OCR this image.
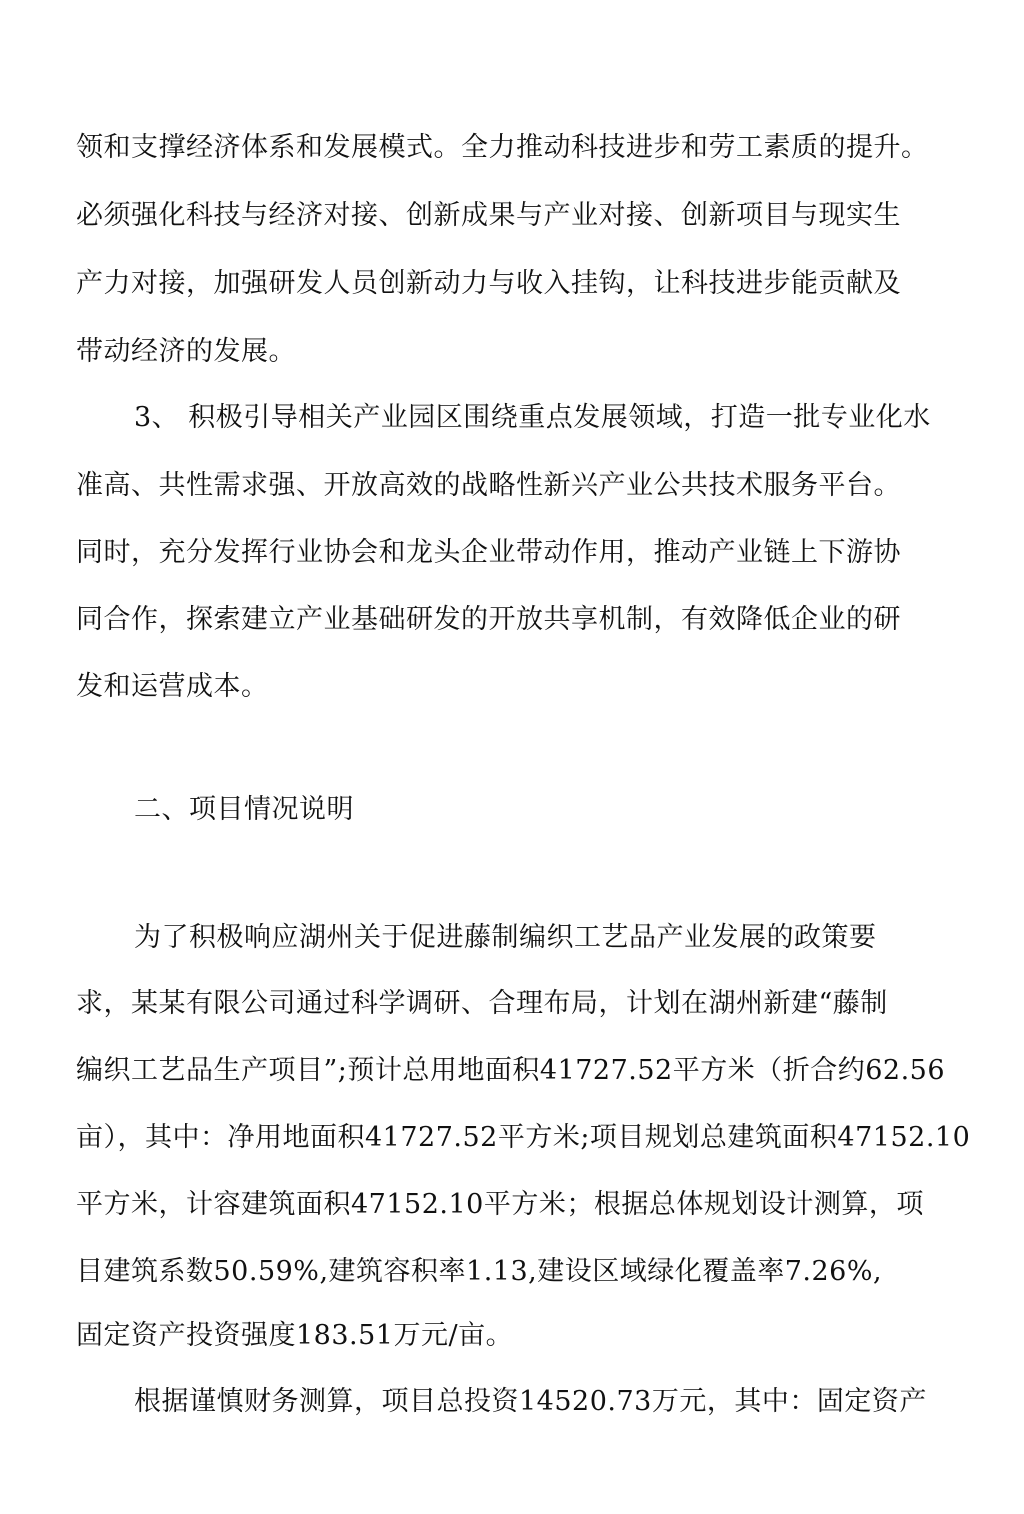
领和支撑经济体系和发展模式。全力推动科技进步和劳工素质的提升。
必须强化科技与经济对接、创新成果与产业对接、创新项目与现实生
产力对接，加强研发人员创新动力与收入挂钩，让科技进步能贡献及
带动经济的发展。
3、 积极引导相关产业园区围绕重点发展领域，打造一批专业化水
准高、共性需求强、开放高效的战略性新兴产业公共技术服务平台。
同时，充分发挥行业协会和龙头企业带动作用，推动产业链上下游协
同合作，探索建立产业基础研发的开放共享机制，有效降低企业的研
发和运营成本。
二、项目情况说明
为了积极响应湖州关于促进藤制编织工艺品产业发展的政策要
求，某某有限公司通过科学调研、合理布局，计划在湖州新建“藤制
编织工艺品生产项目”;预计总用地面积41727.52平方米（折合约62.56
亩），其中：净用地面积41727.52平方米;项目规划总建筑面积47152.10
平方米，计容建筑面积47152.10平方米；根据总体规划设计测算，项
目建筑系数50.59%,建筑容积率1.13,建设区域绿化覆盖率7.26%,
固定资产投资强度183.51万元/亩。
根据谨慎财务测算，项目总投资14520.73万元，其中：固定资产
